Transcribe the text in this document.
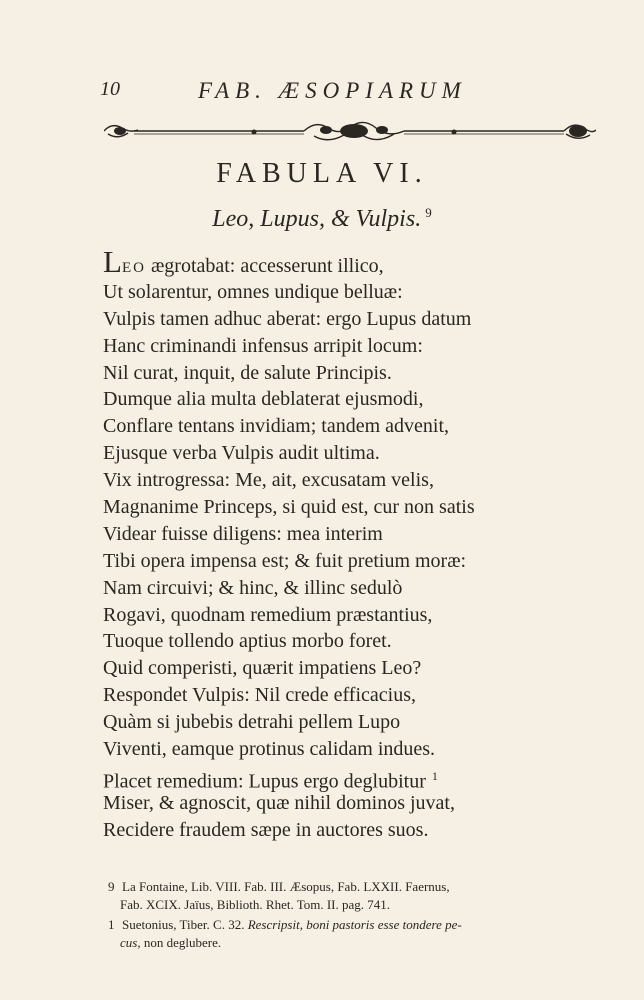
10	FAB. ÆSOPIARUM
FABULA VI.
Leo, Lupus, & Vulpis. $^9$
LEO ægrotabat: accesserunt illico,
Ut solarentur, omnes undique belluæ:
Vulpis tamen adhuc aberat: ergo Lupus datum
Hanc criminandi infensus arripit locum:
Nil curat, inquit, de salute Principis.
Dumque alia multa deblaterat ejusmodi,
Conflare tentans invidiam; tandem advenit,
Ejusque verba Vulpis audit ultima.
Vix introgressa: Me, ait, excusatam velis,
Magnanime Princeps, si quid est, cur non satis
Videar fuisse diligens: mea interim
Tibi opera impensa est; & fuit pretium moræ:
Nam circuivi; & hinc, & illinc sedulò
Rogavi, quodnam remedium præstantius,
Tuoque tollendo aptius morbo foret.
Quid comperisti, quærit impatiens Leo?
Respondet Vulpis: Nil crede efficacius,
Quàm si jubebis detrahi pellem Lupo
Viventi, eamque protinus calidam indues.
Placet remedium: Lupus ergo deglubitur $^1$
Miser, & agnoscit, quæ nihil dominos juvat,
Recidere fraudem sæpe in auctores suos.
9 La Fontaine, Lib. VIII. Fab. III. Æsopus, Fab. LXXII. Faernus,
Fab. XCIX. Jaïus, Biblioth. Rhet. Tom. II. pag. 741.
1 Suetonius, Tiber. C. 32. Rescripsit, boni pastoris esse tondere pe-
cus, non deglubere.
